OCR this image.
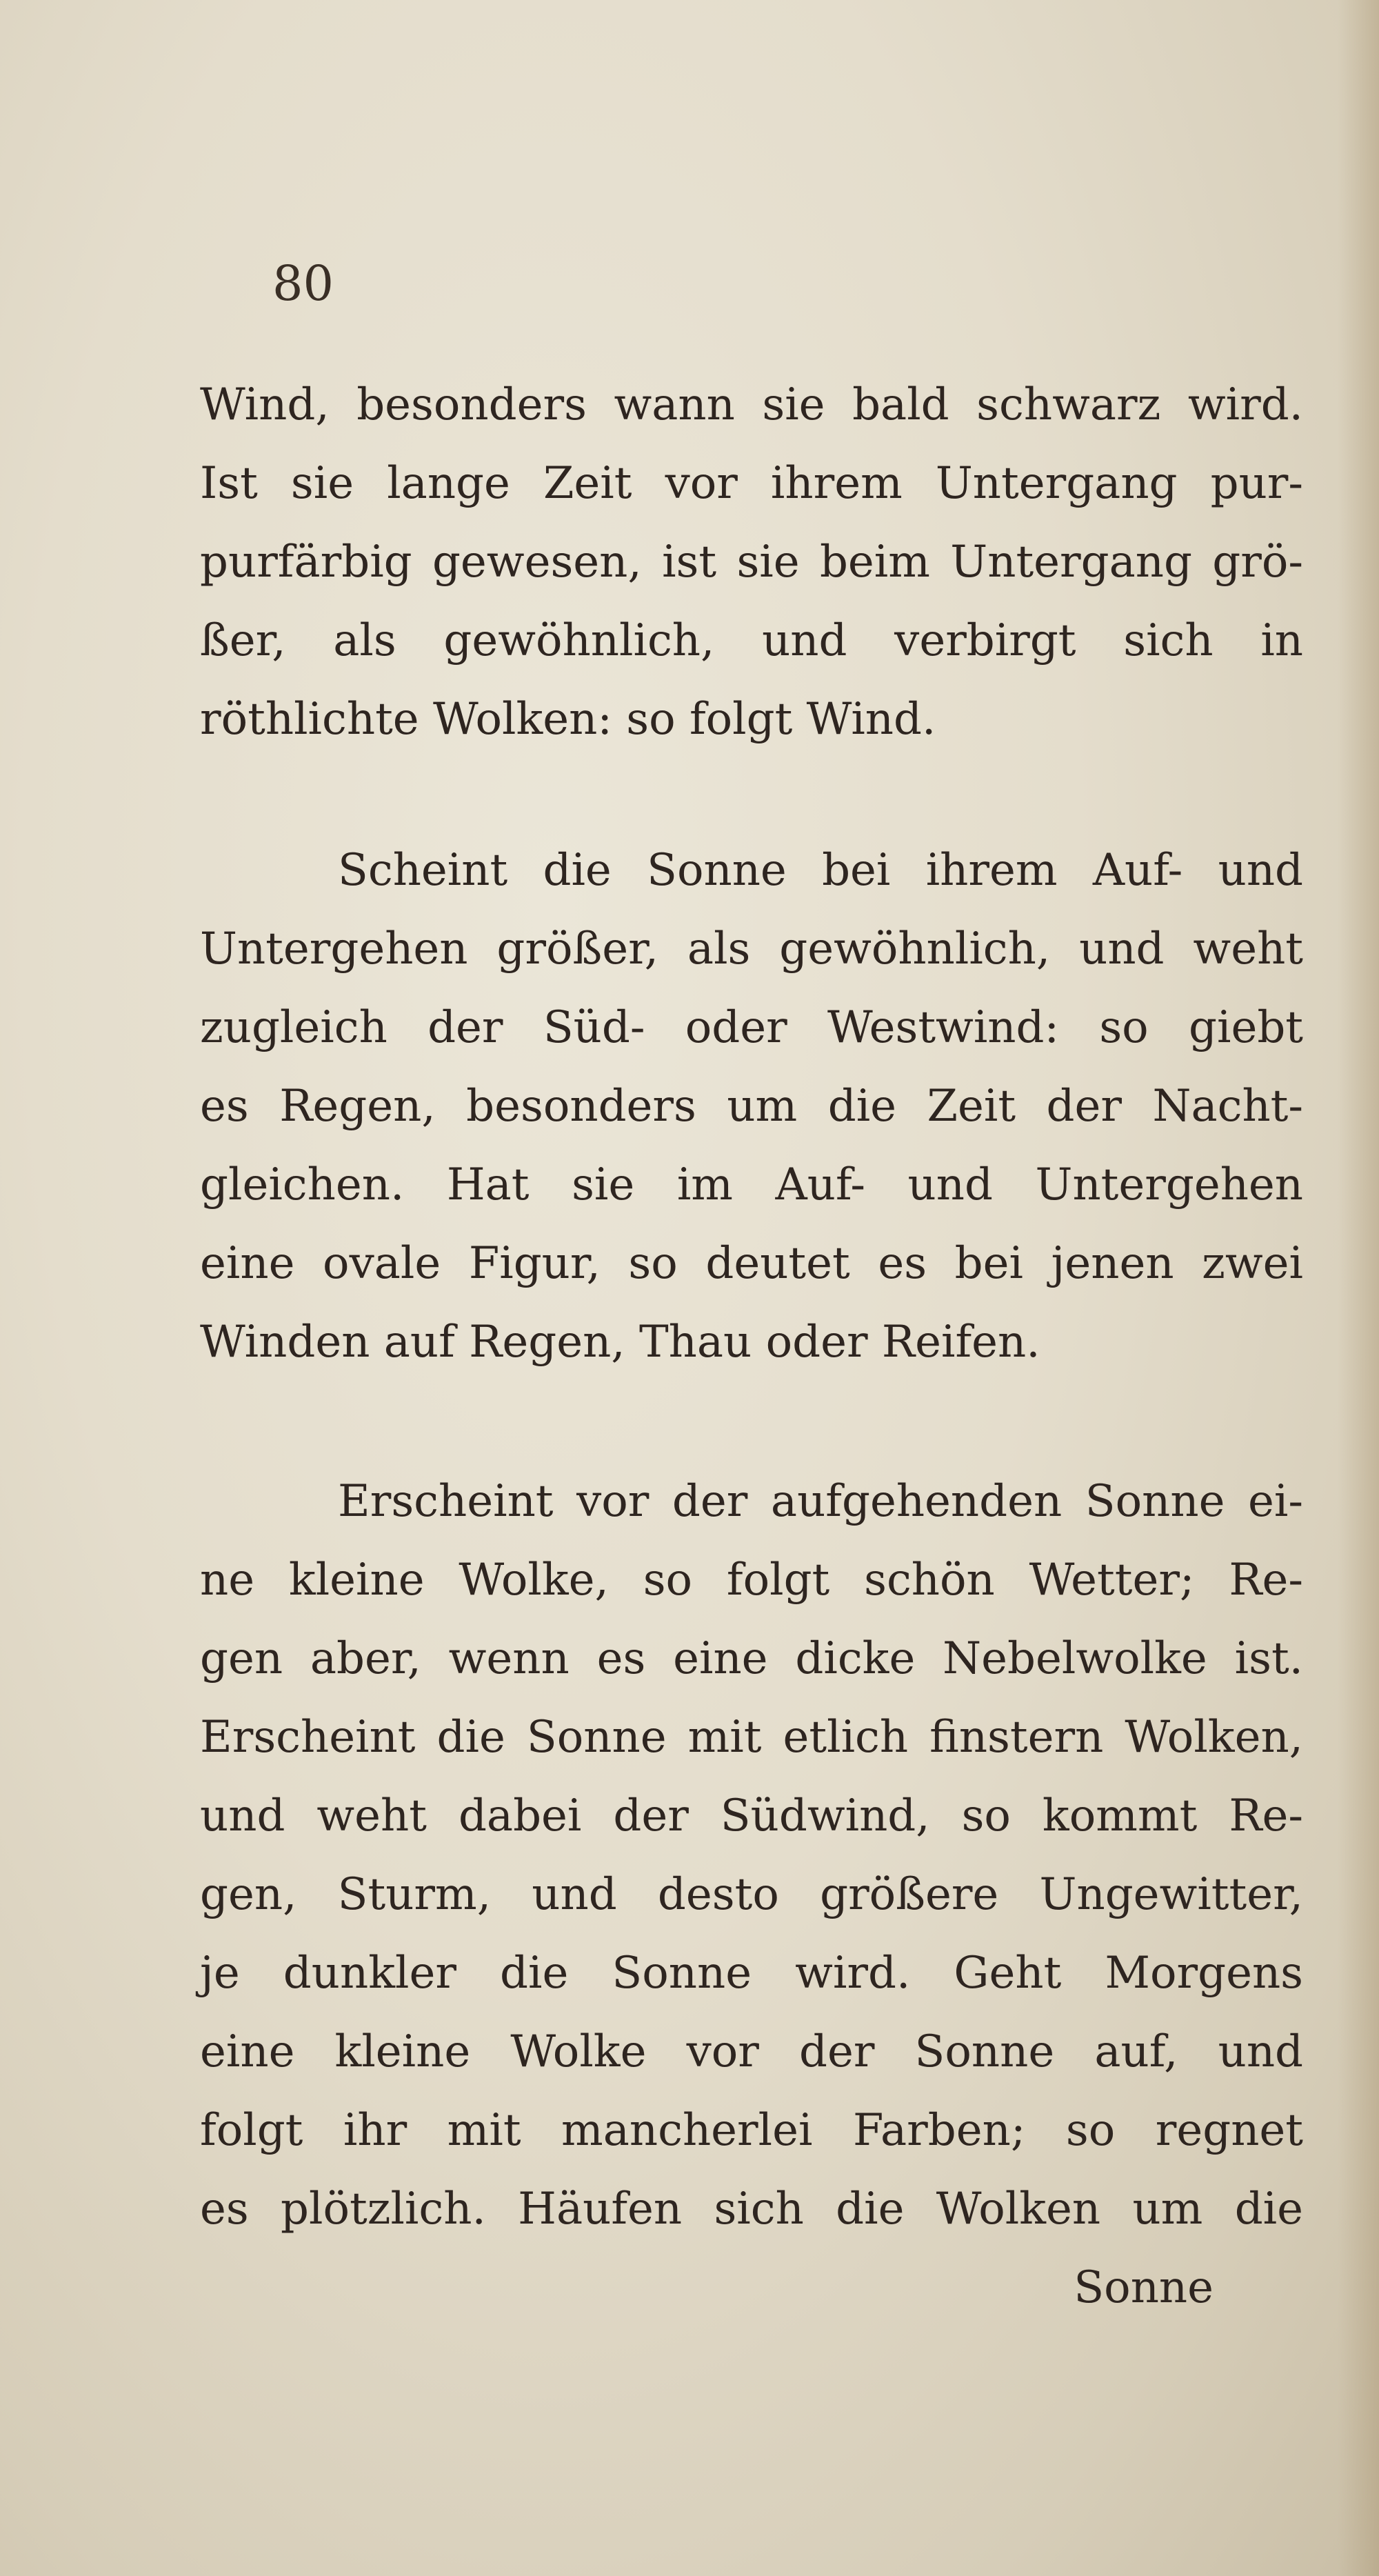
80
Wind, besonders wann sie bald schwarz wird.
Ist sie lange Zeit vor ihrem Untergang pur-
purfärbig gewesen, ist sie beim Untergang grö-
ßer, als gewöhnlich, und verbirgt sich in
röthlichte Wolken: so folgt Wind.
Scheint die Sonne bei ihrem Auf- und
Untergehen größer, als gewöhnlich, und weht
zugleich der Süd- oder Westwind: so giebt
es Regen, besonders um die Zeit der Nacht-
gleichen. Hat sie im Auf- und Untergehen
eine ovale Figur, so deutet es bei jenen zwei
Winden auf Regen, Thau oder Reifen.
Erscheint vor der aufgehenden Sonne ei-
ne kleine Wolke, so folgt schön Wetter; Re-
gen aber, wenn es eine dicke Nebelwolke ist.
Erscheint die Sonne mit etlich finstern Wolken,
und weht dabei der Südwind, so kommt Re-
gen, Sturm, und desto größere Ungewitter,
je dunkler die Sonne wird. Geht Morgens
eine kleine Wolke vor der Sonne auf, und
folgt ihr mit mancherlei Farben; so regnet
es plötzlich. Häufen sich die Wolken um die
Sonne
